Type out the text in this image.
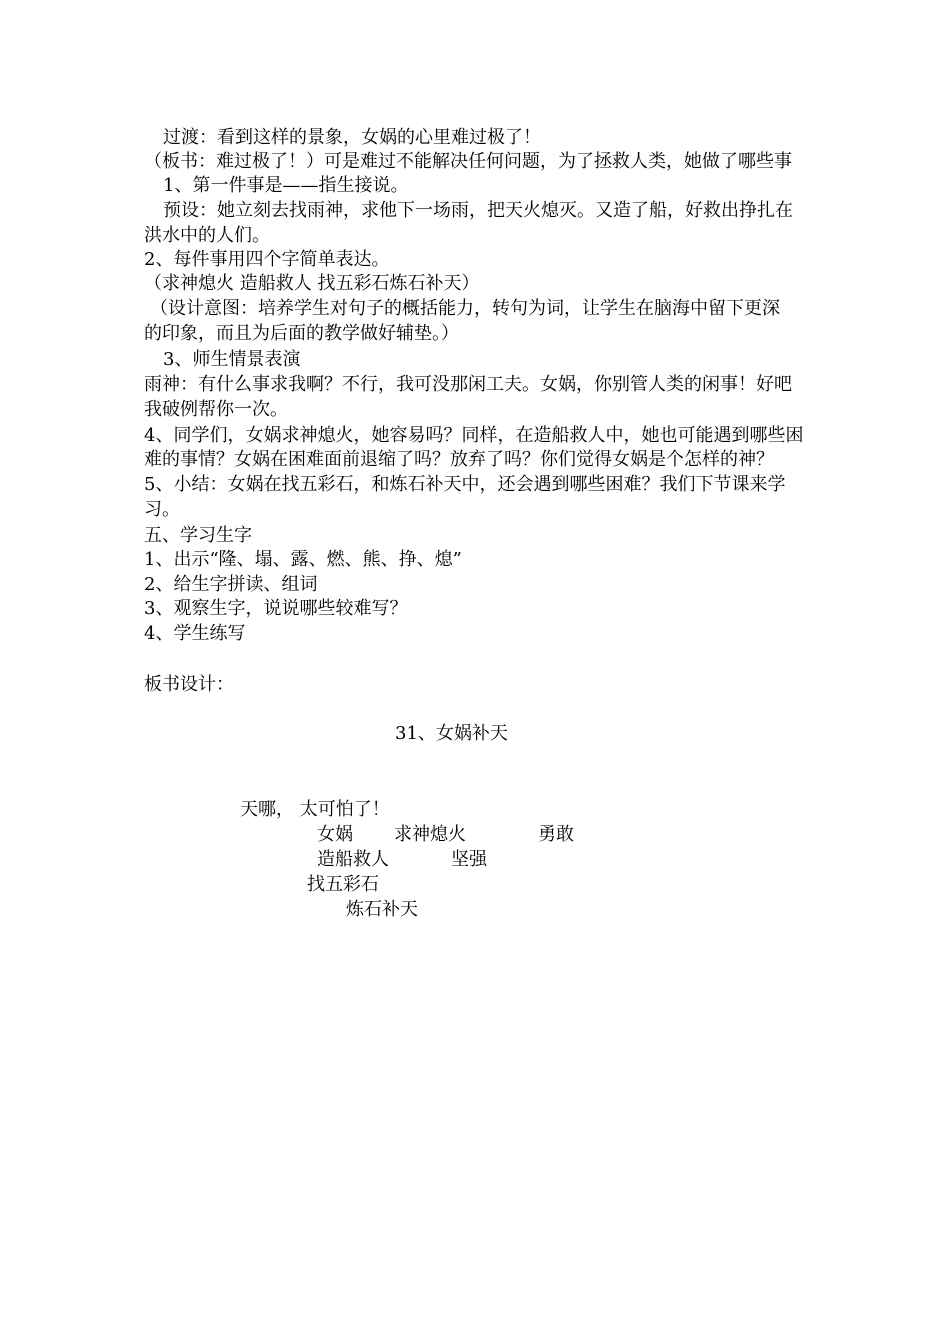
过渡：看到这样的景象，女娲的心里难过极了！
（板书：难过极了！）可是难过不能解决任何问题，为了拯救人类，她做了哪些事
1、第一件事是——指生接说。
预设：她立刻去找雨神，求他下一场雨，把天火熄灭。又造了船，好救出挣扎在
洪水中的人们。
2、每件事用四个字简单表达。
（求神熄火 造船救人 找五彩石炼石补天）
（设计意图：培养学生对句子的概括能力，转句为词，让学生在脑海中留下更深
的印象，而且为后面的教学做好辅垫。）
3、师生情景表演
雨神：有什么事求我啊？不行，我可没那闲工夫。女娲，你别管人类的闲事！好吧
我破例帮你一次。
4、同学们，女娲求神熄火，她容易吗？同样，在造船救人中，她也可能遇到哪些困
难的事情？女娲在困难面前退缩了吗？放弃了吗？你们觉得女娲是个怎样的神？
5、小结：女娲在找五彩石，和炼石补天中，还会遇到哪些困难？我们下节课来学
习。
五、学习生字
1、出示“隆、塌、露、燃、熊、挣、熄”
2、给生字拼读、组词
3、观察生字，说说哪些较难写？
4、学生练写
板书设计：
31、女娲补天
天哪， 太可怕了！
女娲 求神熄火	勇敢
造船救人	坚强
找五彩石
炼石补天
